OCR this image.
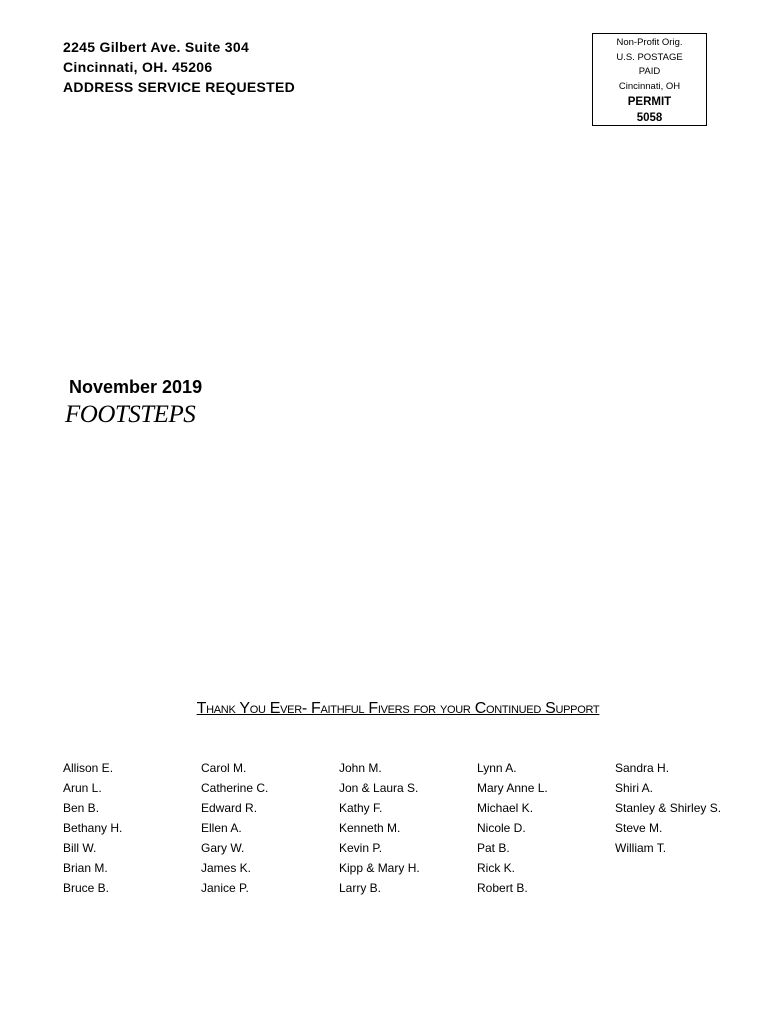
2245 Gilbert Ave. Suite 304
Cincinnati, OH. 45206
ADDRESS SERVICE REQUESTED
Non-Profit Orig.
U.S. POSTAGE
PAID
Cincinnati, OH
PERMIT
5058
November 2019
FOOTSTEPS
Thank You Ever- Faithful Fivers for your Continued Support
Allison E.
Arun L.
Ben B.
Bethany H.
Bill W.
Brian M.
Bruce B.
Carol M.
Catherine C.
Edward R.
Ellen A.
Gary W.
James K.
Janice P.
John M.
Jon & Laura S.
Kathy F.
Kenneth M.
Kevin P.
Kipp & Mary H.
Larry B.
Lynn A.
Mary Anne L.
Michael K.
Nicole D.
Pat B.
Rick K.
Robert B.
Sandra H.
Shiri A.
Stanley & Shirley S.
Steve M.
William T.
